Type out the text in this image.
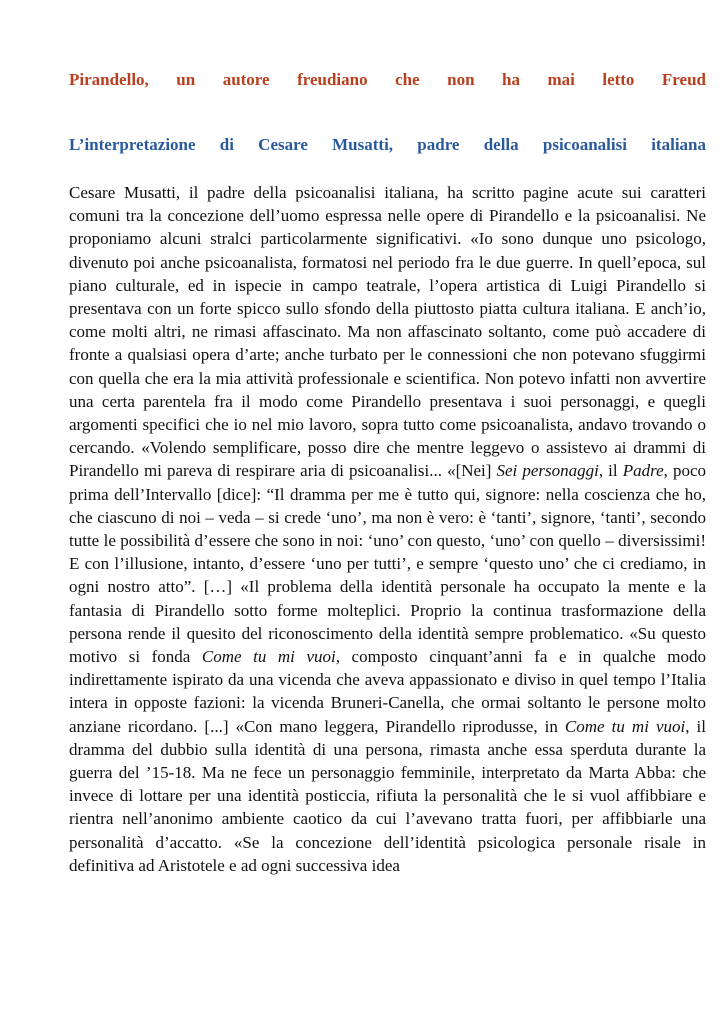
Pirandello, un autore freudiano che non ha mai letto Freud
L’interpretazione di Cesare Musatti, padre della psicoanalisi italiana

Cesare Musatti, il padre della psicoanalisi italiana, ha scritto pagine acute sui caratteri comuni tra la concezione dell’uomo espressa nelle opere di Pirandello e la psicoanalisi. Ne proponiamo alcuni stralci particolarmente significativi. «Io sono dunque uno psicologo, divenuto poi anche psicoanalista, formatosi nel periodo fra le due guerre. In quell’epoca, sul piano culturale, ed in ispecie in campo teatrale, l’opera artistica di Luigi Pirandello si presentava con un forte spicco sullo sfondo della piuttosto piatta cultura italiana. E anch’io, come molti altri, ne rimasi affascinato. Ma non affascinato soltanto, come può accadere di fronte a qualsiasi opera d’arte; anche turbato per le connessioni che non potevano sfuggirmi con quella che era la mia attività professionale e scientifica. Non potevo infatti non avvertire una certa parentela fra il modo come Pirandello presentava i suoi personaggi, e quegli argomenti specifici che io nel mio lavoro, sopra tutto come psicoanalista, andavo trovando o cercando. «Volendo semplificare, posso dire che mentre leggevo o assistevo ai drammi di Pirandello mi pareva di respirare aria di psicoanalisi... «[Nei] Sei personaggi, il Padre, poco prima dell’Intervallo [dice]: “Il dramma per me è tutto qui, signore: nella coscienza che ho, che ciascuno di noi – veda – si crede ‘uno’, ma non è vero: è ‘tanti’, signore, ‘tanti’, secondo tutte le possibilità d’essere che sono in noi: ‘uno’ con questo, ‘uno’ con quello – diversissimi! E con l’illusione, intanto, d’essere ‘uno per tutti’, e sempre ‘questo uno’ che ci crediamo, in ogni nostro atto”. […] «Il problema della identità personale ha occupato la mente e la fantasia di Pirandello sotto forme molteplici. Proprio la continua trasformazione della persona rende il quesito del riconoscimento della identità sempre problematico. «Su questo motivo si fonda Come tu mi vuoi, composto cinquant’anni fa e in qualche modo indirettamente ispirato da una vicenda che aveva appassionato e diviso in quel tempo l’Italia intera in opposte fazioni: la vicenda Bruneri-Canella, che ormai soltanto le persone molto anziane ricordano. [...] «Con mano leggera, Pirandello riprodusse, in Come tu mi vuoi, il dramma del dubbio sulla identità di una persona, rimasta anche essa sperduta durante la guerra del ’15-18. Ma ne fece un personaggio femminile, interpretato da Marta Abba: che invece di lottare per una identità posticcia, rifiuta la personalità che le si vuol affibbiare e rientra nell’anonimo ambiente caotico da cui l’avevano tratta fuori, per affibbiarle una personalità d’accatto. «Se la concezione dell’identità psicologica personale risale in definitiva ad Aristotele e ad ogni successiva idea
